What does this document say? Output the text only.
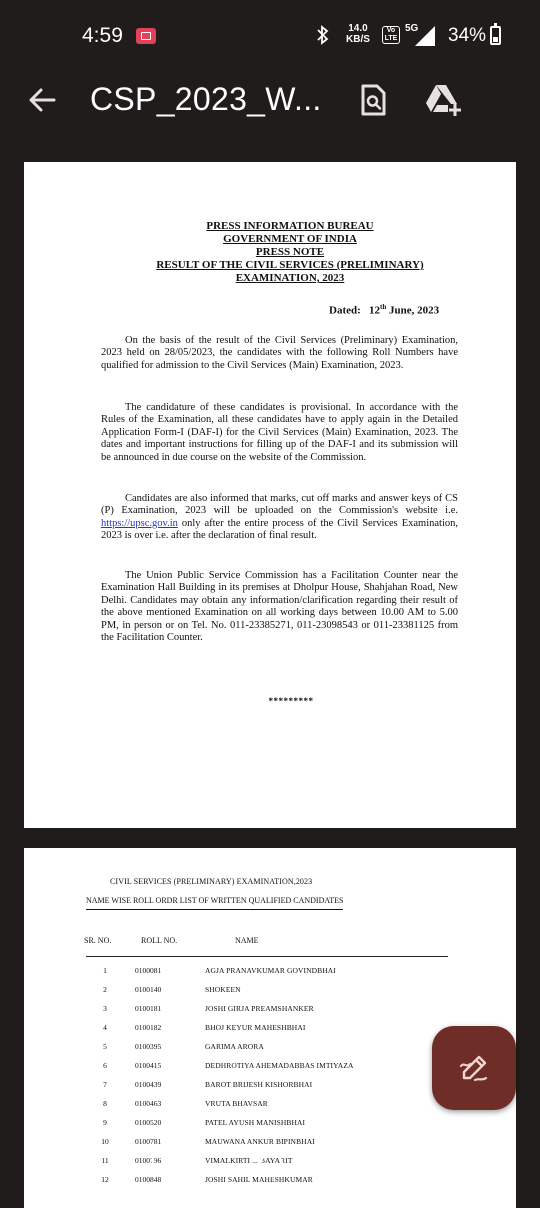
4:59	14.0
KB/S
Vo LTE
5G 34%
CSP_2023_W...
PRESS INFORMATION BUREAU
GOVERNMENT OF INDIA
PRESS NOTE
RESULT OF THE CIVIL SERVICES (PRELIMINARY)
EXAMINATION, 2023
Dated: 12th June, 2023
On the basis of the result of the Civil Services (Preliminary) Examination, 2023 held on 28/05/2023, the candidates with the following Roll Numbers have qualified for admission to the Civil Services (Main) Examination, 2023.
The candidature of these candidates is provisional. In accordance with the Rules of the Examination, all these candidates have to apply again in the Detailed Application Form-I (DAF-I) for the Civil Services (Main) Examination, 2023. The dates and important instructions for filling up of the DAF-I and its submission will be announced in due course on the website of the Commission.
Candidates are also informed that marks, cut off marks and answer keys of CS (P) Examination, 2023 will be uploaded on the Commission's website i.e. https://upsc.gov.in only after the entire process of the Civil Services Examination, 2023 is over i.e. after the declaration of final result.
The Union Public Service Commission has a Facilitation Counter near the Examination Hall Building in its premises at Dholpur House, Shahjahan Road, New Delhi. Candidates may obtain any information/clarification regarding their result of the above mentioned Examination on all working days between 10.00 AM to 5.00 PM, in person or on Tel. No. 011-23385271, 011-23098543 or 011-23381125 from the Facilitation Counter.
*********
CIVIL SERVICES (PRELIMINARY) EXAMINATION,2023
NAME WISE ROLL ORDR LIST OF WRITTEN QUALIFIED CANDIDATES
SR. NO.	ROLL NO.	NAME
1	0100081	AGJA PRANAVKUMAR GOVINDBHAI
2	0100140	SHOKEEN
3	0100181	JOSHI GIRJA PREAMSHANKER
4	0100182	BHOJ KEYUR MAHESHBHAI
5	0100395	GARIMA ARORA
6	0100415	DEDHROTIYA AHEMADABBAS IMTIYAZA
7	0100439	BAROT BRIJESH KISHORBHAI
8	0100463	VRUTA BHAVSAR
9	0100520	PATEL AYUSH MANISHBHAI
10	0100781	MAUWANA ANKUR BIPINBHAI
11	0100796	VIMALKIRTI ... BAYARIT
12	0100848	JOSHI SAHIL MAHESHKUMAR
